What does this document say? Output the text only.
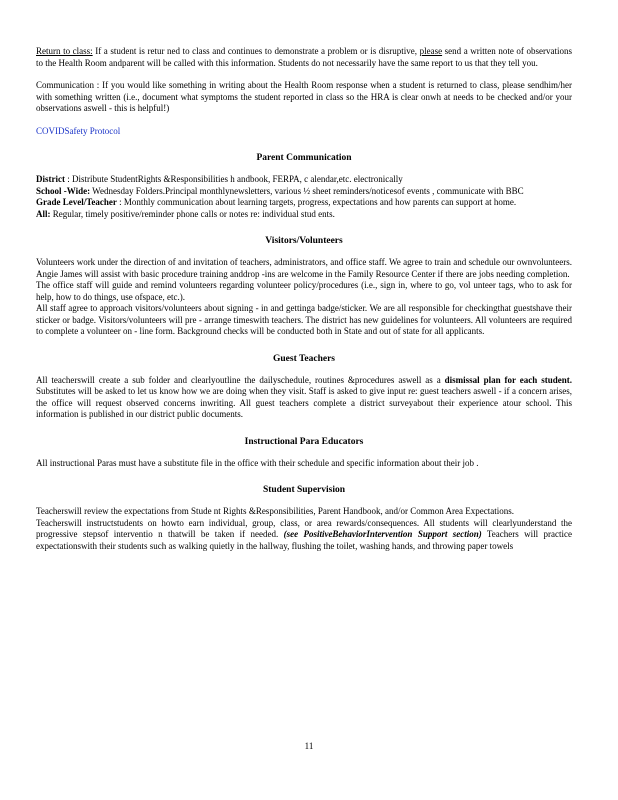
Return to class: If a student is retur ned to class and continues to demonstrate a problem or is disruptive, please send a written note of observations to the Health Room andparent will be called with this information. Students do not necessarily have the same report to us that they tell you.

Communication : If you would like something in writing about the Health Room response when a student is returned to class, please sendhim/her with something written (i.e., document what symptoms the student reported in class so the HRA is clear onwh at needs to be checked and/or your observations aswell - this is helpful!)

COVIDSafety Protocol

Parent Communication

District : Distribute StudentRights &Responsibilities h andbook, FERPA, c alendar,etc. electronically

School -Wide: Wednesday Folders.Principal monthlynewsletters, various ½ sheet reminders/noticesof events , communicate with BBC

Grade Level/Teacher : Monthly communication about learning targets, progress, expectations and how parents can support at home.

All: Regular, timely positive/reminder phone calls or notes re: individual stud ents.

Visitors/Volunteers

Volunteers work under the direction of and invitation of teachers, administrators, and office staff. We agree to train and schedule our ownvolunteers. Angie James will assist with basic procedure training anddrop -ins are welcome in the Family Resource Center if there are jobs needing completion.

The office staff will guide and remind volunteers regarding volunteer policy/procedures (i.e., sign in, where to go, vol unteer tags, who to ask for help, how to do things, use ofspace, etc.).

All staff agree to approach visitors/volunteers about signing - in and gettinga badge/sticker. We are all responsible for checkingthat guestshave their sticker or badge. Visitors/volunteers will pre - arrange timeswith teachers. The district has new guidelines for volunteers. All volunteers are required to complete a volunteer on - line form. Background checks will be conducted both in State and out of state for all applicants.

Guest Teachers

All teacherswill create a sub folder and clearlyoutline the dailyschedule, routines &procedures aswell as a dismissal plan for each student. Substitutes will be asked to let us know how we are doing when they visit. Staff is asked to give input re: guest teachers aswell - if a concern arises, the office will request observed concerns inwriting. All guest teachers complete a district surveyabout their experience atour school. This information is published in our district public documents.

Instructional Para Educators

All instructional Paras must have a substitute file in the office with their schedule and specific information about their job .

Student Supervision

Teacherswill review the expectations from Stude nt Rights &Responsibilities, Parent Handbook, and/or Common Area Expectations.

Teacherswill instructstudents on howto earn individual, group, class, or area rewards/consequences. All students will clearlyunderstand the progressive stepsof interventio n thatwill be taken if needed. (see PositiveBehaviorIntervention Support section) Teachers will practice expectationswith their students such as walking quietly in the hallway, flushing the toilet, washing hands, and throwing paper towels

11
